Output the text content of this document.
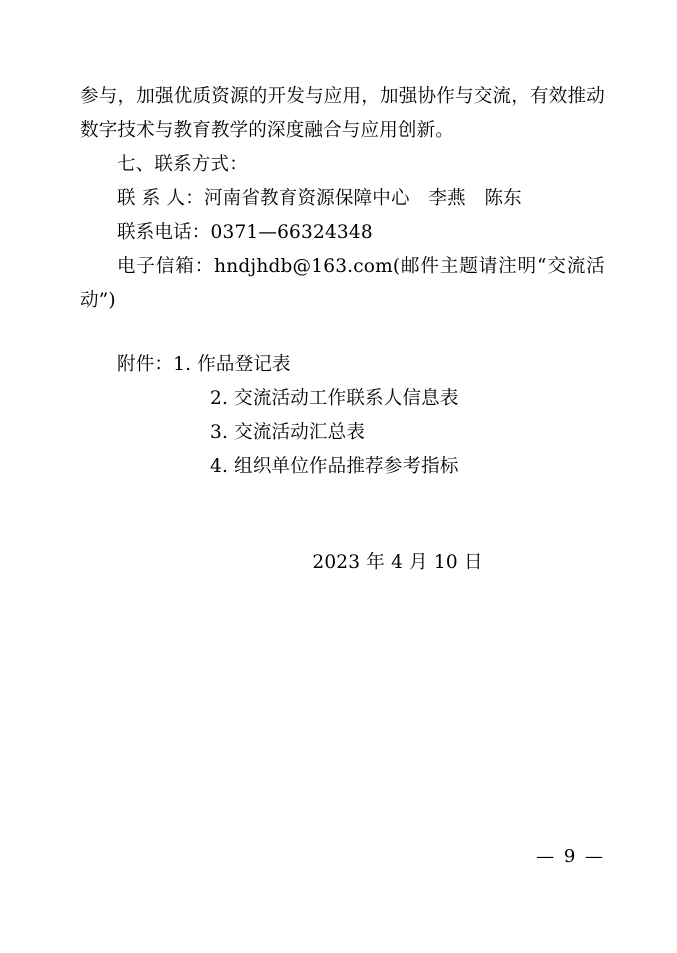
参与，加强优质资源的开发与应用，加强协作与交流，有效推动数字技术与教育教学的深度融合与应用创新。

七、联系方式：

联 系 人：河南省教育资源保障中心　李燕　陈东

联系电话：0371—66324348

电子信箱：hndjhdb@163.com(邮件主题请注明“交流活动”)

附件：1. 作品登记表

2. 交流活动工作联系人信息表

3. 交流活动汇总表

4. 组织单位作品推荐参考指标

2023 年 4 月 10 日

— 9 —
